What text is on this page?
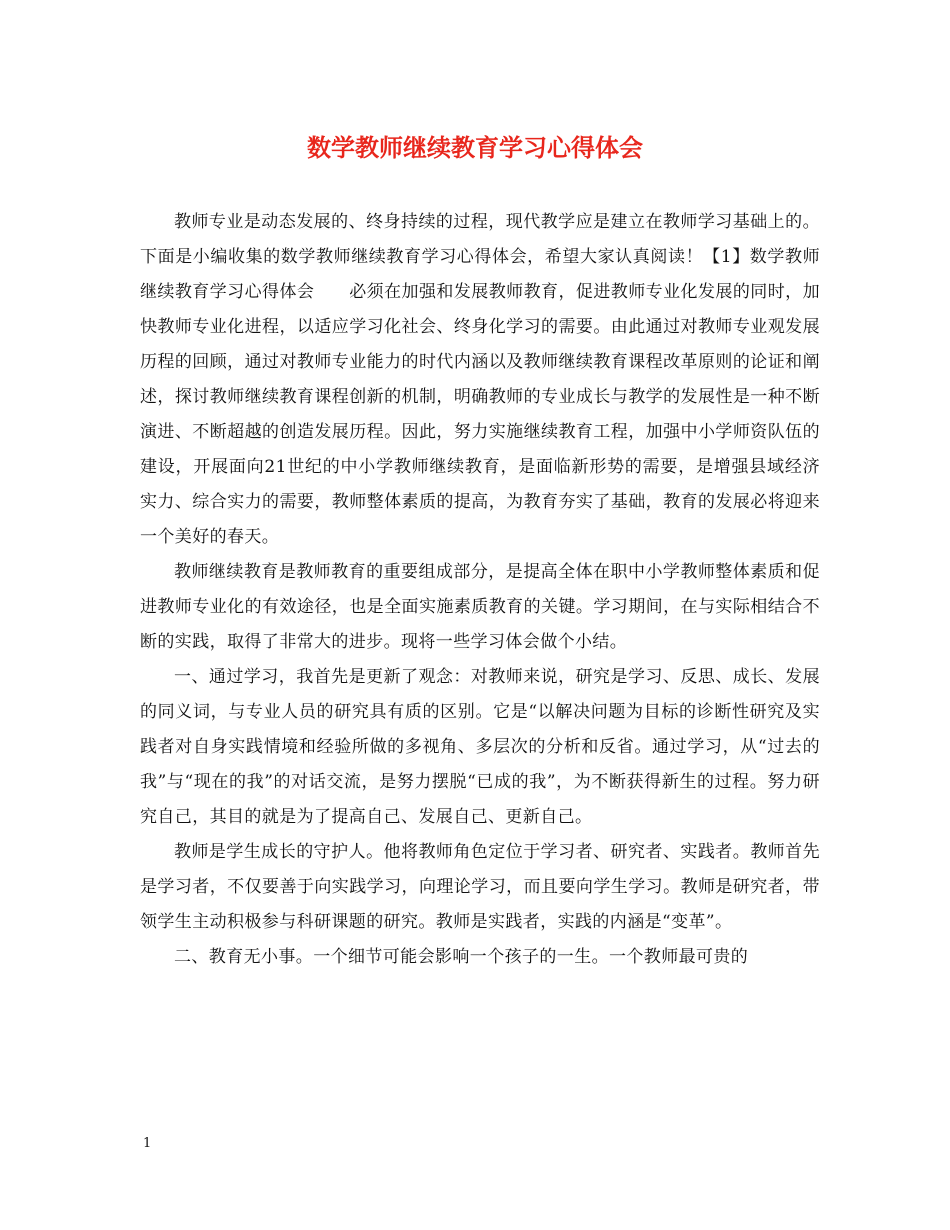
数学教师继续教育学习心得体会

教师专业是动态发展的、终身持续的过程，现代教学应是建立在教师学习基础上的。下面是小编收集的数学教师继续教育学习心得体会，希望大家认真阅读！【1】数学教师继续教育学习心得体会　　必须在加强和发展教师教育，促进教师专业化发展的同时，加快教师专业化进程，以适应学习化社会、终身化学习的需要。由此通过对教师专业观发展历程的回顾，通过对教师专业能力的时代内涵以及教师继续教育课程改革原则的论证和阐述，探讨教师继续教育课程创新的机制，明确教师的专业成长与教学的发展性是一种不断演进、不断超越的创造发展历程。因此，努力实施继续教育工程，加强中小学师资队伍的建设，开展面向21世纪的中小学教师继续教育，是面临新形势的需要，是增强县域经济实力、综合实力的需要，教师整体素质的提高，为教育夯实了基础，教育的发展必将迎来一个美好的春天。

教师继续教育是教师教育的重要组成部分，是提高全体在职中小学教师整体素质和促进教师专业化的有效途径，也是全面实施素质教育的关键。学习期间，在与实际相结合不断的实践，取得了非常大的进步。现将一些学习体会做个小结。

一、通过学习，我首先是更新了观念：对教师来说，研究是学习、反思、成长、发展的同义词，与专业人员的研究具有质的区别。它是“以解决问题为目标的诊断性研究及实践者对自身实践情境和经验所做的多视角、多层次的分析和反省。通过学习，从“过去的我”与“现在的我”的对话交流，是努力摆脱“已成的我”，为不断获得新生的过程。努力研究自己，其目的就是为了提高自己、发展自己、更新自己。

教师是学生成长的守护人。他将教师角色定位于学习者、研究者、实践者。教师首先是学习者，不仅要善于向实践学习，向理论学习，而且要向学生学习。教师是研究者，带领学生主动积极参与科研课题的研究。教师是实践者，实践的内涵是“变革”。

二、教育无小事。一个细节可能会影响一个孩子的一生。一个教师最可贵的

1
